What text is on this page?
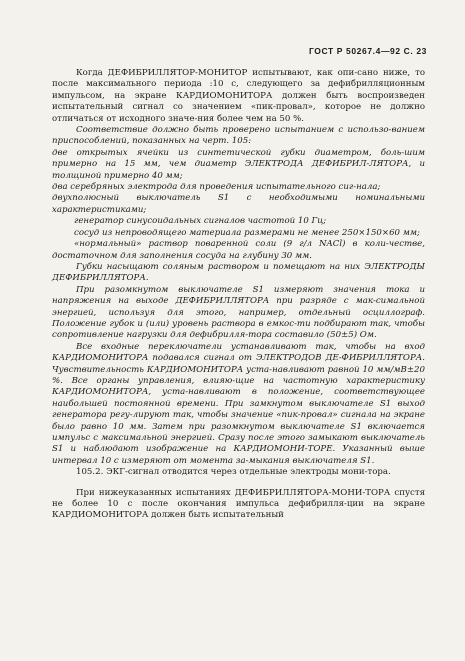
ГОСТ Р 50267.4—92 С. 23

Когда ДЕФИБРИЛЛЯТОР-МОНИТОР испытывают, как опи-сано ниже, то после максимального периода :10 с, следующего за дефибрилляционным импульсом, на экране КАРДИОМОНИТОРА должен быть воспроизведен испытательный сигнал со значением «пик-провал», которое не должно отличаться от исходного значе-ния более чем на 50 %.

Соответствие должно быть проверено испытанием с использо-ванием приспособлений, показанных на черт. 105:

две открытых ячейки из синтетической губки диаметром, боль-шим примерно на 15 мм, чем диаметр ЭЛЕКТРОДА ДЕФИБРИЛ-ЛЯТОРА, и толщиной примерно 40 мм;

два серебряных электрода для проведения испытательного сиг-нала;

двухполюсный выключатель S1 с необходимыми номинальными характеристиками;

генератор синусоидальных сигналов частотой 10 Гц;

сосуд из непроводящего материала размерами не менее 250×150×60 мм;

«нормальный» раствор поваренной соли (9 г/л NACl) в коли-честве, достаточном для заполнения сосуда на глубину 30 мм.

Губки насыщают соляным раствором и помещают на них ЭЛЕКТРОДЫ ДЕФИБРИЛЛЯТОРА.

При разомкнутом выключателе S1 измеряют значения тока и напряжения на выходе ДЕФИБРИЛЛЯТОРА при разряде с мак-симальной энергией, используя для этого, например, отдельный осциллограф. Положение губок и (или) уровень раствора в емкос-ти подбирают так, чтобы сопротивление нагрузки для дефибрилля-тора составило (50±5) Ом.

Все входные переключатели устанавливают так, чтобы на вход КАРДИОМОНИТОРА подавался сигнал от ЭЛЕКТРОДОВ ДЕ-ФИБРИЛЛЯТОРА. Чувствительность КАРДИОМОНИТОРА уста-навливают равной 10 мм/мВ±20 %. Все органы управления, влияю-щие на частотную характеристику КАРДИОМОНИТОРА, уста-навливают в положение, соответствующее наибольшей постоянной времени. При замкнутом выключателе S1 выход генератора регу-лируют так, чтобы значение «пик-провал» сигнала на экране было равно 10 мм. Затем при разомкнутом выключателе S1 включается импульс с максимальной энергией. Сразу после этого замыкают выключатель S1 и наблюдают изображение на КАРДИОМОНИ-ТОРЕ. Указанный выше интервал 10 с измеряют от момента за-мыкания выключателя S1.

105.2. ЭКГ-сигнал отводится через отдельные электроды мони-тора.

При нижеуказанных испытаниях ДЕФИБРИЛЛЯТОРА-МОНИ-ТОРА спустя не более 10 с после окончания импульса дефибрилля-ции на экране КАРДИОМОНИТОРА должен быть испытательный
